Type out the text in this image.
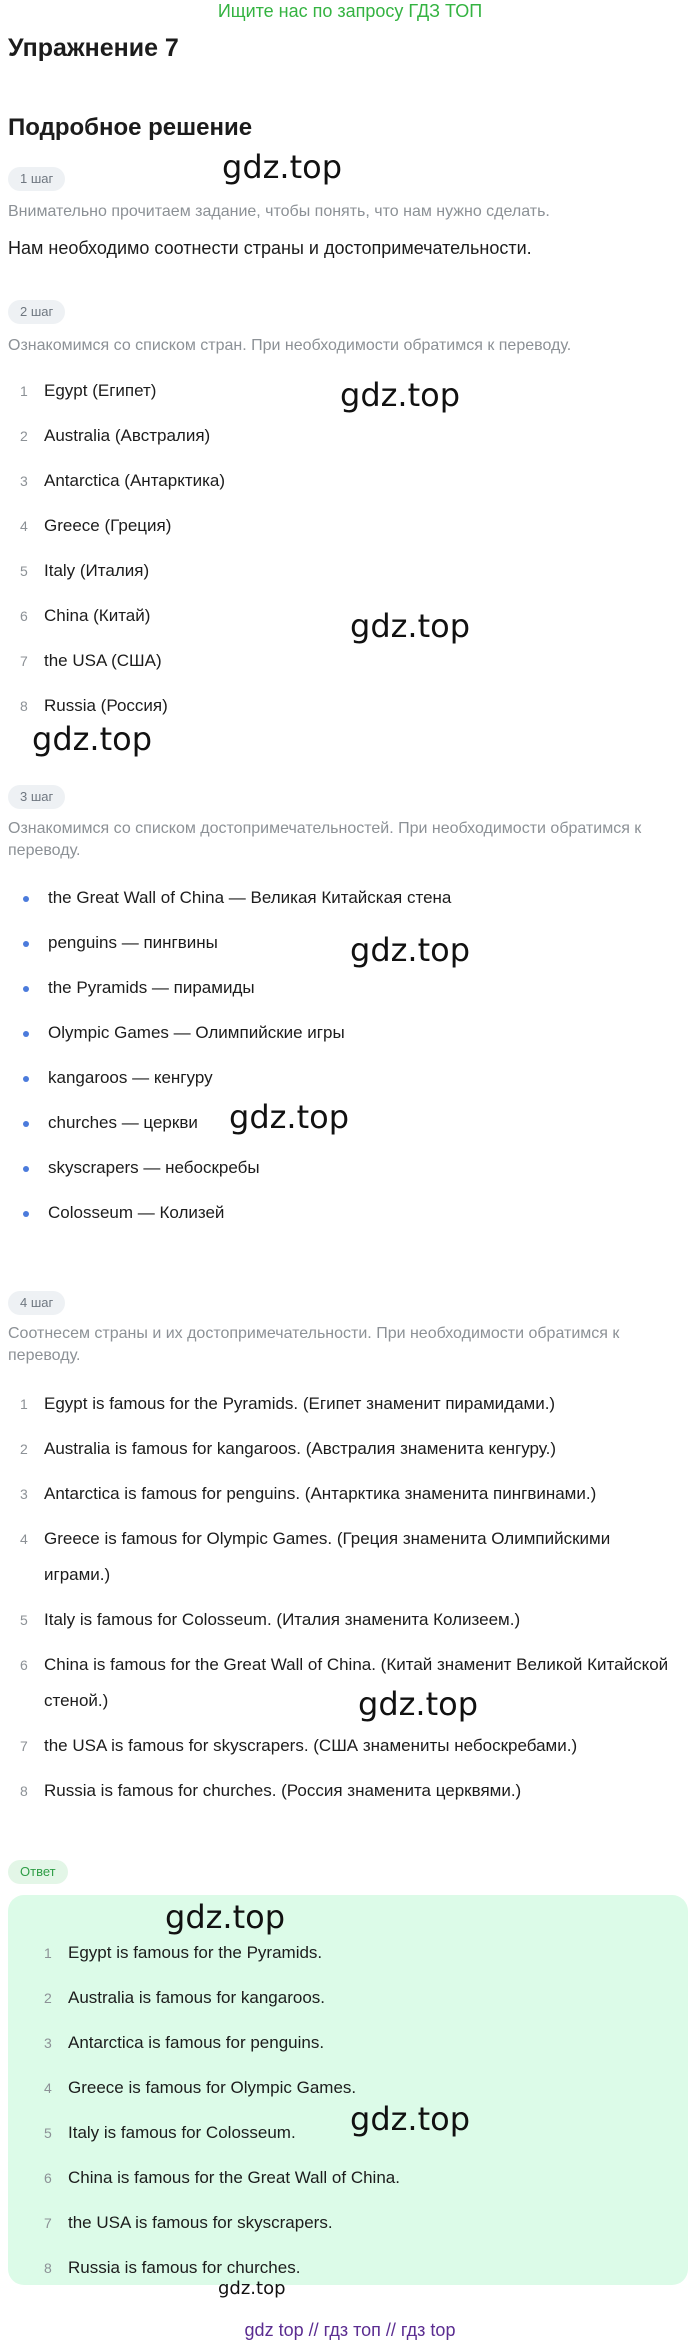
Ищите нас по запросу ГДЗ ТОП
Упражнение 7
Подробное решение
1 шаг	gdz.top

Внимательно прочитаем задание, чтобы понять, что нам нужно сделать.

Нам необходимо соотнести страны и достопримечательности.

2 шаг

Ознакомимся со списком стран. При необходимости обратимся к переводу.

1 Egypt (Египет)
2 Australia (Австралия)
3 Antarctica (Антарктика)
4 Greece (Греция)
5 Italy (Италия)
6 China (Китай)
7 the USA (США)
8 Russia (Россия)
gdz.top
gdz.top
gdz.top
3 шаг

Ознакомимся со списком достопримечательностей. При необходимости обратимся к переводу.

the Great Wall of China — Великая Китайская стена
penguins — пингвины
the Pyramids — пирамиды
Olympic Games — Олимпийские игры
kangaroos — кенгуру
churches — церкви
skyscrapers — небоскребы
Colosseum — Колизей
gdz.top
gdz.top
4 шаг

Соотнесем страны и их достопримечательности. При необходимости обратимся к переводу.

1 Egypt is famous for the Pyramids. (Египет знаменит пирамидами.)
2 Australia is famous for kangaroos. (Австралия знаменита кенгуру.)
3 Antarctica is famous for penguins. (Антарктика знаменита пингвинами.)
4 Greece is famous for Olympic Games. (Греция знаменита Олимпийскими играми.)
5 Italy is famous for Colosseum. (Италия знаменита Колизеем.)
6 China is famous for the Great Wall of China. (Китай знаменит Великой Китайской стеной.)
7 the USA is famous for skyscrapers. (США знамениты небоскребами.)
8 Russia is famous for churches. (Россия знаменита церквями.)
gdz.top
Ответ
1 Egypt is famous for the Pyramids.
2 Australia is famous for kangaroos.
3 Antarctica is famous for penguins.
4 Greece is famous for Olympic Games.
5 Italy is famous for Colosseum.
6 China is famous for the Great Wall of China.
7 the USA is famous for skyscrapers.
8 Russia is famous for churches.
gdz.top
gdz.top
gdz.top
gdz top // гдз топ // гдз top
